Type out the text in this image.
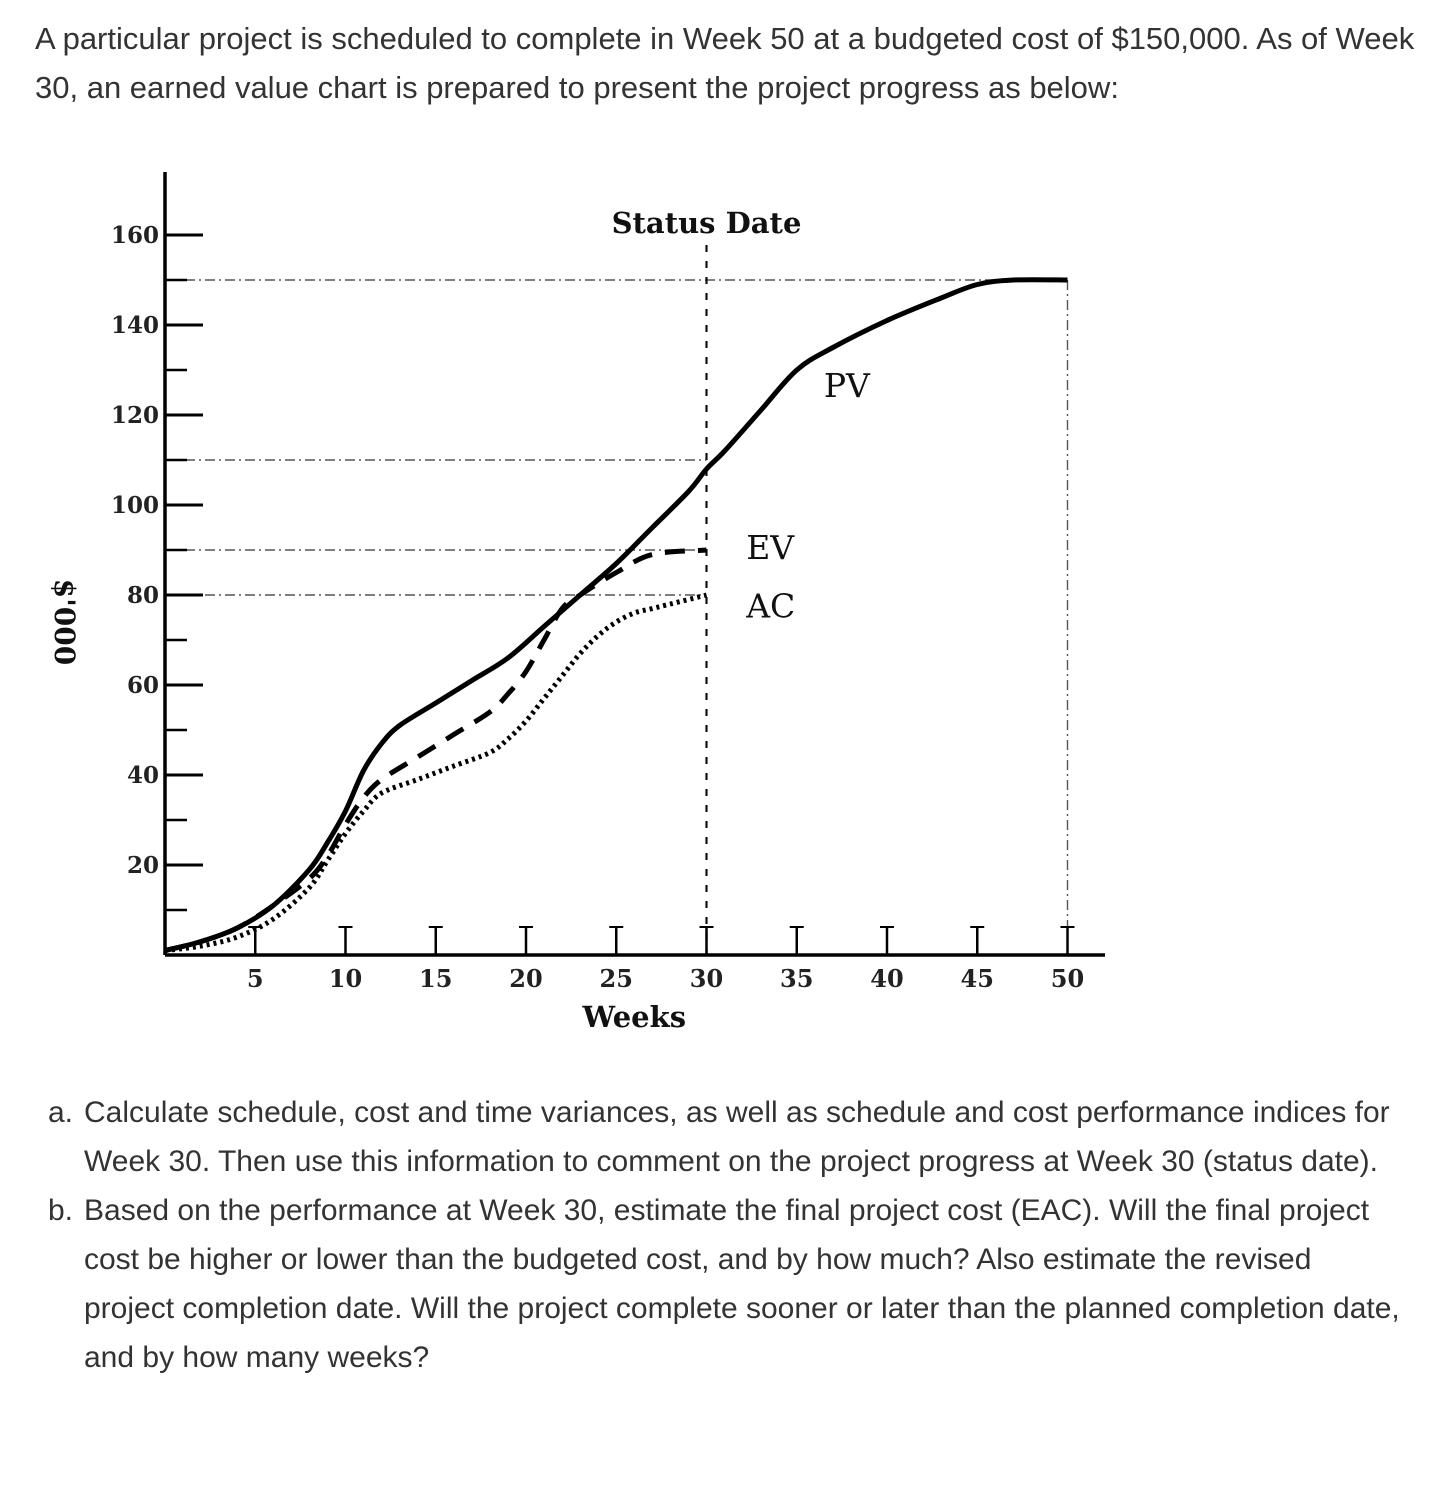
A particular project is scheduled to complete in Week 50 at a budgeted cost of $150,000. As of Week 30, an earned value chart is prepared to present the project progress as below:

20
40
60
80
100
120
140
160
5	10 15 20 25 30 35 40 45 50
Weeks
$'000
Status Date
PV
EV
AC
a. Calculate schedule, cost and time variances, as well as schedule and cost performance indices for Week 30. Then use this information to comment on the project progress at Week 30 (status date).
b. Based on the performance at Week 30, estimate the final project cost (EAC). Will the final project cost be higher or lower than the budgeted cost, and by how much? Also estimate the revised project completion date. Will the project complete sooner or later than the planned completion date, and by how many weeks?
